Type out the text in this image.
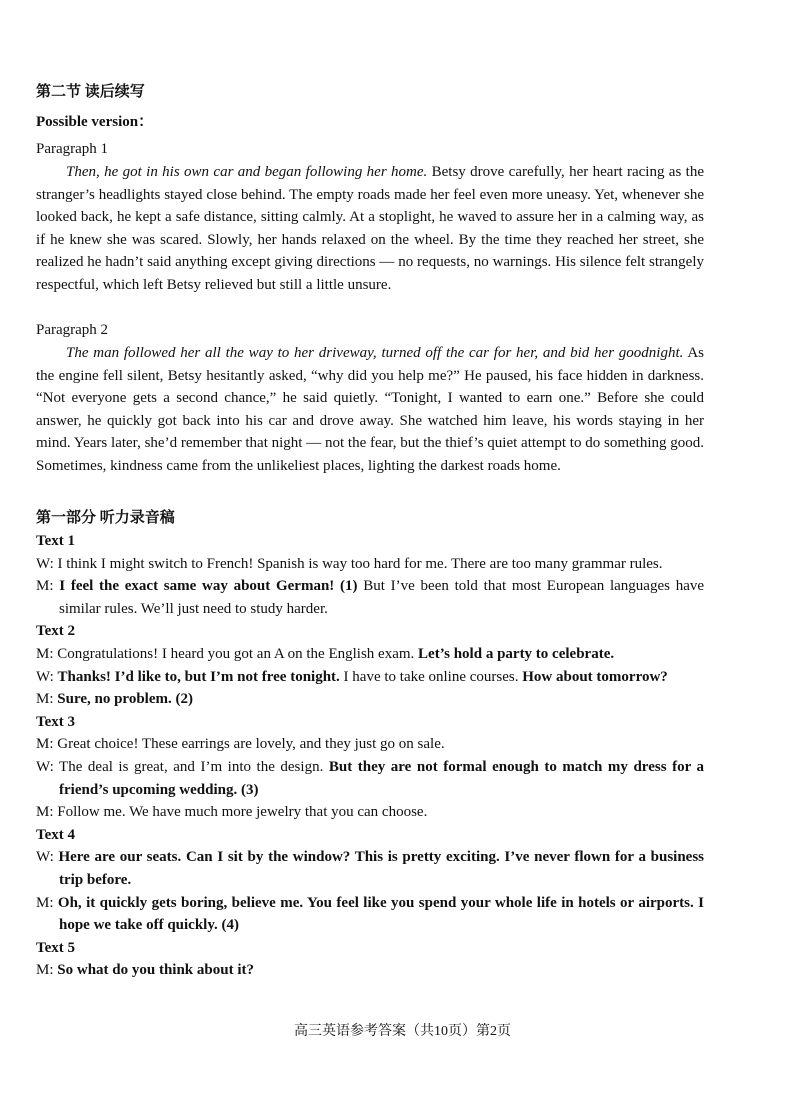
第二节 读后续写
Possible version：
Paragraph 1
Then, he got in his own car and began following her home. Betsy drove carefully, her heart racing as the stranger’s headlights stayed close behind. The empty roads made her feel even more uneasy. Yet, whenever she looked back, he kept a safe distance, sitting calmly. At a stoplight, he waved to assure her in a calming way, as if he knew she was scared. Slowly, her hands relaxed on the wheel. By the time they reached her street, she realized he hadn’t said anything except giving directions — no requests, no warnings. His silence felt strangely respectful, which left Betsy relieved but still a little unsure.
Paragraph 2
The man followed her all the way to her driveway, turned off the car for her, and bid her goodnight. As the engine fell silent, Betsy hesitantly asked, “why did you help me?” He paused, his face hidden in darkness. “Not everyone gets a second chance,” he said quietly. “Tonight, I wanted to earn one.” Before she could answer, he quickly got back into his car and drove away. She watched him leave, his words staying in her mind. Years later, she’d remember that night — not the fear, but the thief’s quiet attempt to do something good. Sometimes, kindness came from the unlikeliest places, lighting the darkest roads home.
第一部分 听力录音稿
Text 1
W: I think I might switch to French! Spanish is way too hard for me. There are too many grammar rules.
M: I feel the exact same way about German! (1) But I’ve been told that most European languages have similar rules. We’ll just need to study harder.
Text 2
M: Congratulations! I heard you got an A on the English exam. Let’s hold a party to celebrate.
W: Thanks! I’d like to, but I’m not free tonight. I have to take online courses. How about tomorrow?
M: Sure, no problem. (2)
Text 3
M: Great choice! These earrings are lovely, and they just go on sale.
W: The deal is great, and I’m into the design. But they are not formal enough to match my dress for a friend’s upcoming wedding. (3)
M: Follow me. We have much more jewelry that you can choose.
Text 4
W: Here are our seats. Can I sit by the window? This is pretty exciting. I’ve never flown for a business trip before.
M: Oh, it quickly gets boring, believe me. You feel like you spend your whole life in hotels or airports. I hope we take off quickly. (4)
Text 5
M: So what do you think about it?
高三英语参考答案（共10页）第2页
